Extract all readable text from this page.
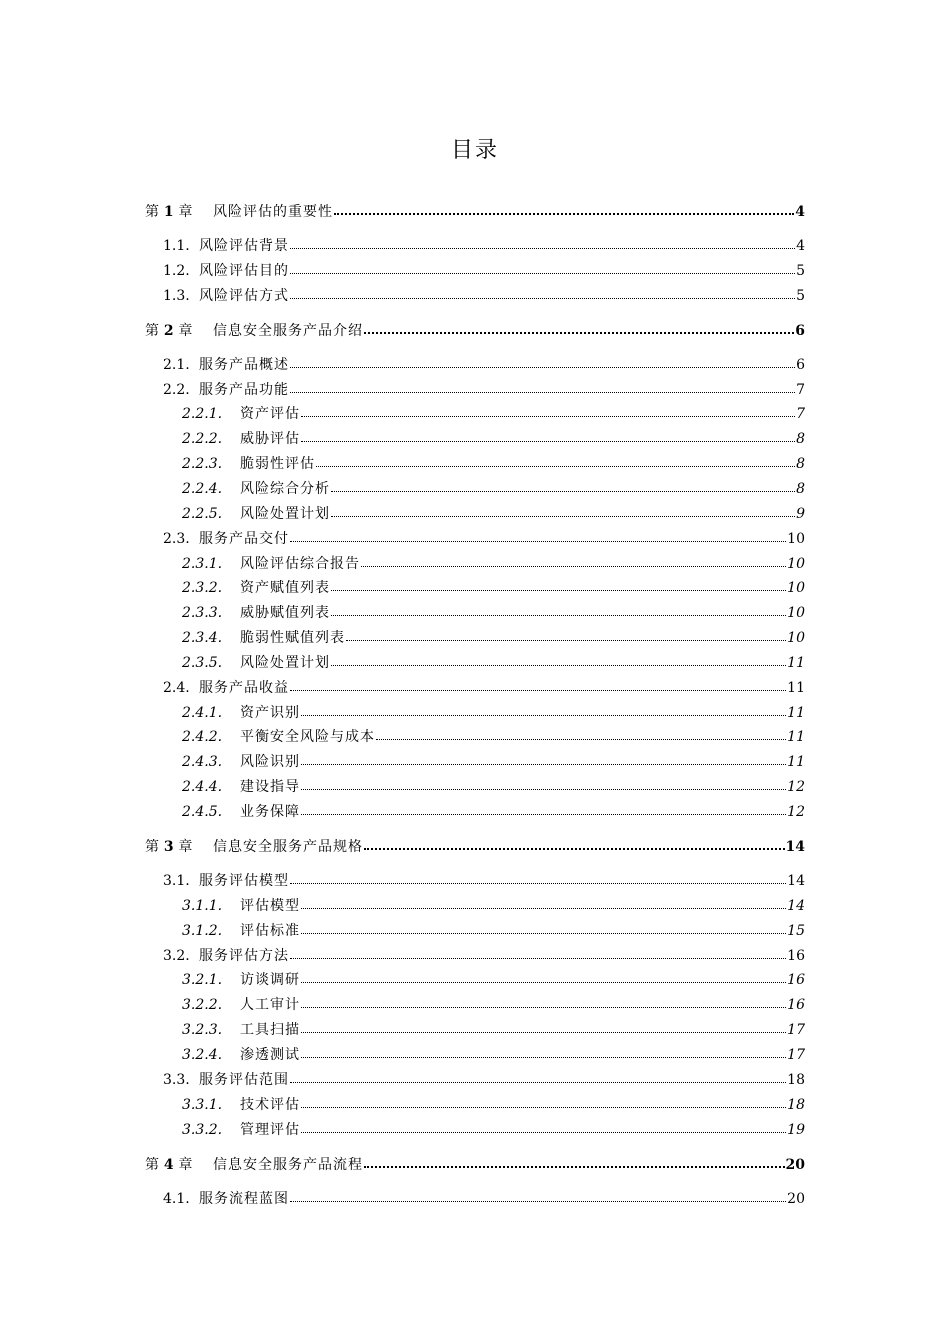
目录
第 1 章	风险评估的重要性	4
1.1. 风险评估背景	4
1.2. 风险评估目的	5
1.3. 风险评估方式	5
第 2 章	信息安全服务产品介绍	6
2.1. 服务产品概述	6
2.2. 服务产品功能	7
2.2.1.	资产评估	7
2.2.2.	威胁评估	8
2.2.3.	脆弱性评估	8
2.2.4.	风险综合分析	8
2.2.5.	风险处置计划	9
2.3. 服务产品交付	10
2.3.1.	风险评估综合报告	10
2.3.2.	资产赋值列表	10
2.3.3.	威胁赋值列表	10
2.3.4.	脆弱性赋值列表	10
2.3.5.	风险处置计划	11
2.4. 服务产品收益	11
2.4.1.	资产识别	11
2.4.2.	平衡安全风险与成本	11
2.4.3.	风险识别	11
2.4.4.	建设指导	12
2.4.5.	业务保障	12
第 3 章	信息安全服务产品规格	14
3.1. 服务评估模型	14
3.1.1.	评估模型	14
3.1.2.	评估标准	15
3.2. 服务评估方法	16
3.2.1.	访谈调研	16
3.2.2.	人工审计	16
3.2.3.	工具扫描	17
3.2.4.	渗透测试	17
3.3. 服务评估范围	18
3.3.1.	技术评估	18
3.3.2.	管理评估	19
第 4 章	信息安全服务产品流程	20
4.1. 服务流程蓝图	20
